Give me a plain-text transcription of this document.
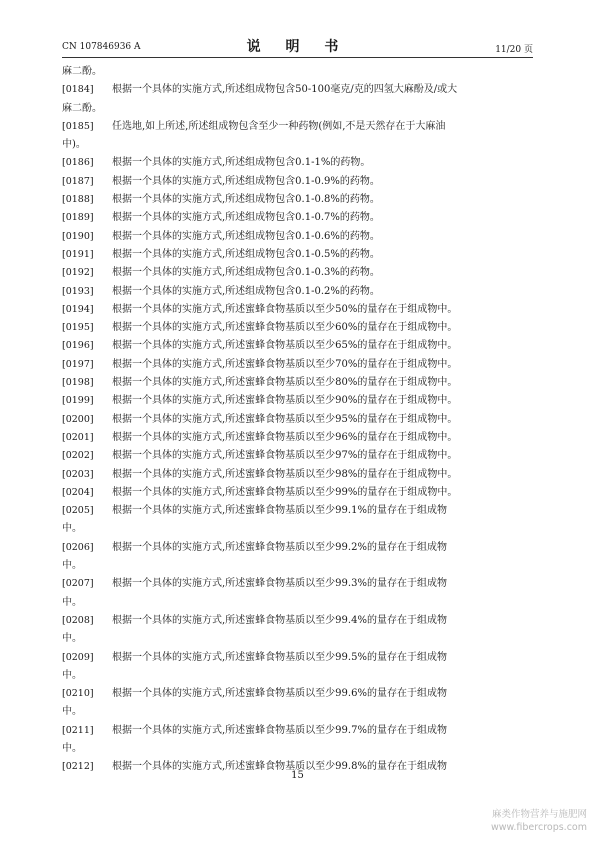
CN 107846936 A	说 明 书	11/20 页
麻二酚。
[0184] 根据一个具体的实施方式,所述组成物包含50-100毫克/克的四氢大麻酚及/或大
麻二酚。
[0185] 任选地,如上所述,所述组成物包含至少一种药物(例如,不是天然存在于大麻油
中)。
[0186] 根据一个具体的实施方式,所述组成物包含0.1-1%的药物。
[0187] 根据一个具体的实施方式,所述组成物包含0.1-0.9%的药物。
[0188] 根据一个具体的实施方式,所述组成物包含0.1-0.8%的药物。
[0189] 根据一个具体的实施方式,所述组成物包含0.1-0.7%的药物。
[0190] 根据一个具体的实施方式,所述组成物包含0.1-0.6%的药物。
[0191] 根据一个具体的实施方式,所述组成物包含0.1-0.5%的药物。
[0192] 根据一个具体的实施方式,所述组成物包含0.1-0.3%的药物。
[0193] 根据一个具体的实施方式,所述组成物包含0.1-0.2%的药物。
[0194] 根据一个具体的实施方式,所述蜜蜂食物基质以至少50%的量存在于组成物中。
[0195] 根据一个具体的实施方式,所述蜜蜂食物基质以至少60%的量存在于组成物中。
[0196] 根据一个具体的实施方式,所述蜜蜂食物基质以至少65%的量存在于组成物中。
[0197] 根据一个具体的实施方式,所述蜜蜂食物基质以至少70%的量存在于组成物中。
[0198] 根据一个具体的实施方式,所述蜜蜂食物基质以至少80%的量存在于组成物中。
[0199] 根据一个具体的实施方式,所述蜜蜂食物基质以至少90%的量存在于组成物中。
[0200] 根据一个具体的实施方式,所述蜜蜂食物基质以至少95%的量存在于组成物中。
[0201] 根据一个具体的实施方式,所述蜜蜂食物基质以至少96%的量存在于组成物中。
[0202] 根据一个具体的实施方式,所述蜜蜂食物基质以至少97%的量存在于组成物中。
[0203] 根据一个具体的实施方式,所述蜜蜂食物基质以至少98%的量存在于组成物中。
[0204] 根据一个具体的实施方式,所述蜜蜂食物基质以至少99%的量存在于组成物中。
[0205] 根据一个具体的实施方式,所述蜜蜂食物基质以至少99.1%的量存在于组成物
中。
[0206] 根据一个具体的实施方式,所述蜜蜂食物基质以至少99.2%的量存在于组成物
中。
[0207] 根据一个具体的实施方式,所述蜜蜂食物基质以至少99.3%的量存在于组成物
中。
[0208] 根据一个具体的实施方式,所述蜜蜂食物基质以至少99.4%的量存在于组成物
中。
[0209] 根据一个具体的实施方式,所述蜜蜂食物基质以至少99.5%的量存在于组成物
中。
[0210] 根据一个具体的实施方式,所述蜜蜂食物基质以至少99.6%的量存在于组成物
中。
[0211] 根据一个具体的实施方式,所述蜜蜂食物基质以至少99.7%的量存在于组成物
中。
[0212] 根据一个具体的实施方式,所述蜜蜂食物基质以至少99.8%的量存在于组成物
15
麻类作物营养与施肥网
www.fibercrops.com
